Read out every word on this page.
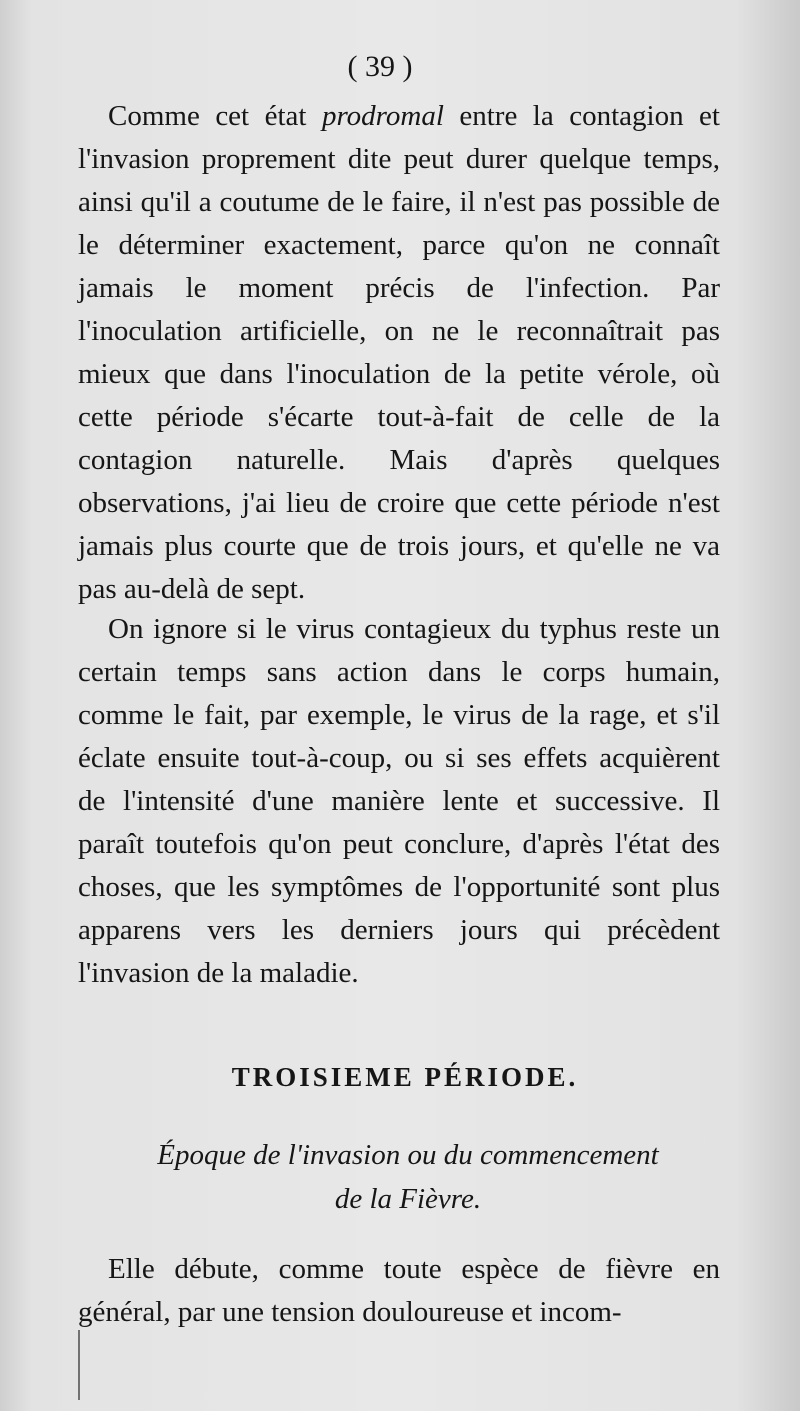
( 39 )

Comme cet état prodromal entre la contagion et l'invasion proprement dite peut durer quelque temps, ainsi qu'il a coutume de le faire, il n'est pas possible de le déterminer exactement, parce qu'on ne connaît jamais le moment précis de l'infection. Par l'inoculation artificielle, on ne le reconnaîtrait pas mieux que dans l'inoculation de la petite vérole, où cette période s'écarte tout-à-fait de celle de la contagion naturelle. Mais d'après quelques observations, j'ai lieu de croire que cette période n'est jamais plus courte que de trois jours, et qu'elle ne va pas au-delà de sept.

On ignore si le virus contagieux du typhus reste un certain temps sans action dans le corps humain, comme le fait, par exemple, le virus de la rage, et s'il éclate ensuite tout-à-coup, ou si ses effets acquièrent de l'intensité d'une manière lente et successive. Il paraît toutefois qu'on peut conclure, d'après l'état des choses, que les symptômes de l'opportunité sont plus apparens vers les derniers jours qui précèdent l'invasion de la maladie.

TROISIEME PÉRIODE.
Époque de l'invasion ou du commencement
de la Fièvre.

Elle débute, comme toute espèce de fièvre en général, par une tension douloureuse et incom-
